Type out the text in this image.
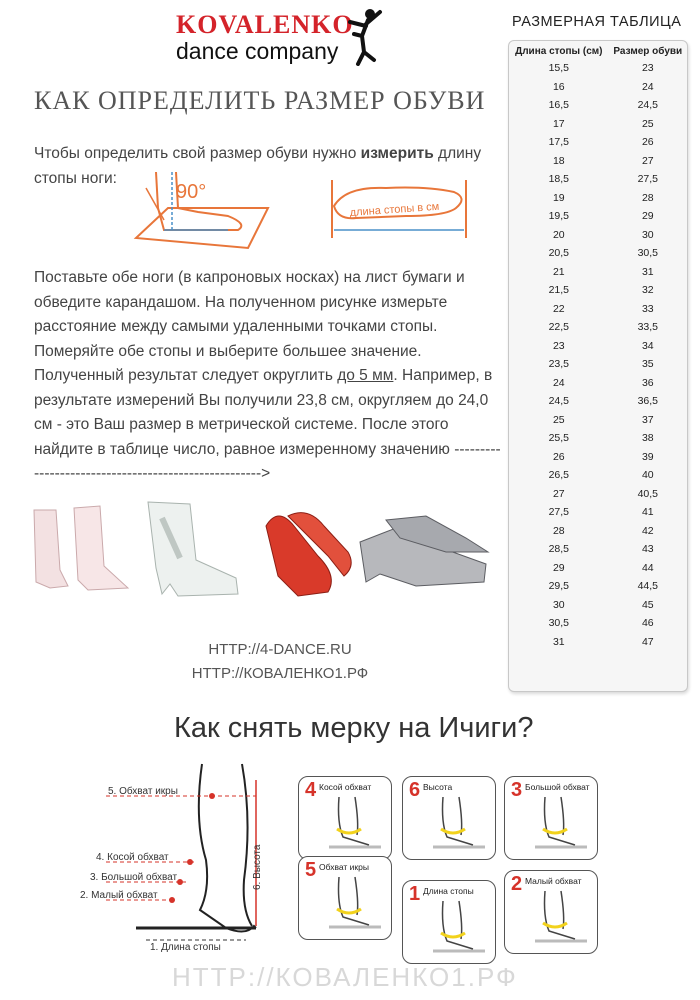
KOVALENKO
dance company
КАК ОПРЕДЕЛИТЬ РАЗМЕР ОБУВИ
Чтобы определить свой размер обуви нужно измерить длину стопы ноги:
90°
длина стопы в см
Поставьте обе ноги (в капроновых носках) на лист бумаги и обведите карандашом. На полученном рисунке измерьте расстояние между самыми удаленными точками стопы. Померяйте обе стопы и выберите большее значение. Полученный результат следует округлить до 5 мм. Например, в результате измерений Вы получили 23,8 см, округляем до 24,0 см - это Ваш размер в метрической системе. После этого найдите в таблице число, равное измеренному значению ----------------------------------------------------->
HTTP://4-DANCE.RU
HTTP://КОВАЛЕНКО1.РФ
РАЗМЕРНАЯ ТАБЛИЦА
Длина стопы (см)	Размер обуви
15,5	23
16	24
16,5	24,5
17	25
17,5	26
18	27
18,5	27,5
19	28
19,5	29
20	30
20,5	30,5
21	31
21,5	32
22	33
22,5	33,5
23	34
23,5	35
24	36
24,5	36,5
25	37
25,5	38
26	39
26,5	40
27	40,5
27,5	41
28	42
28,5	43
29	44
29,5	44,5
30	45
30,5	46
31	47
Как снять мерку на Ичиги?
5. Обхват икры
4. Косой обхват
3. Большой обхват
2. Малый обхват
1. Длина стопы
6. Высота
4 Косой обхват 6 Высота	3 Большой обхват
5 Обхват икры
1 Длина стопы 2 Малый обхват
HTTP://КОВАЛЕНКО1.РФ
